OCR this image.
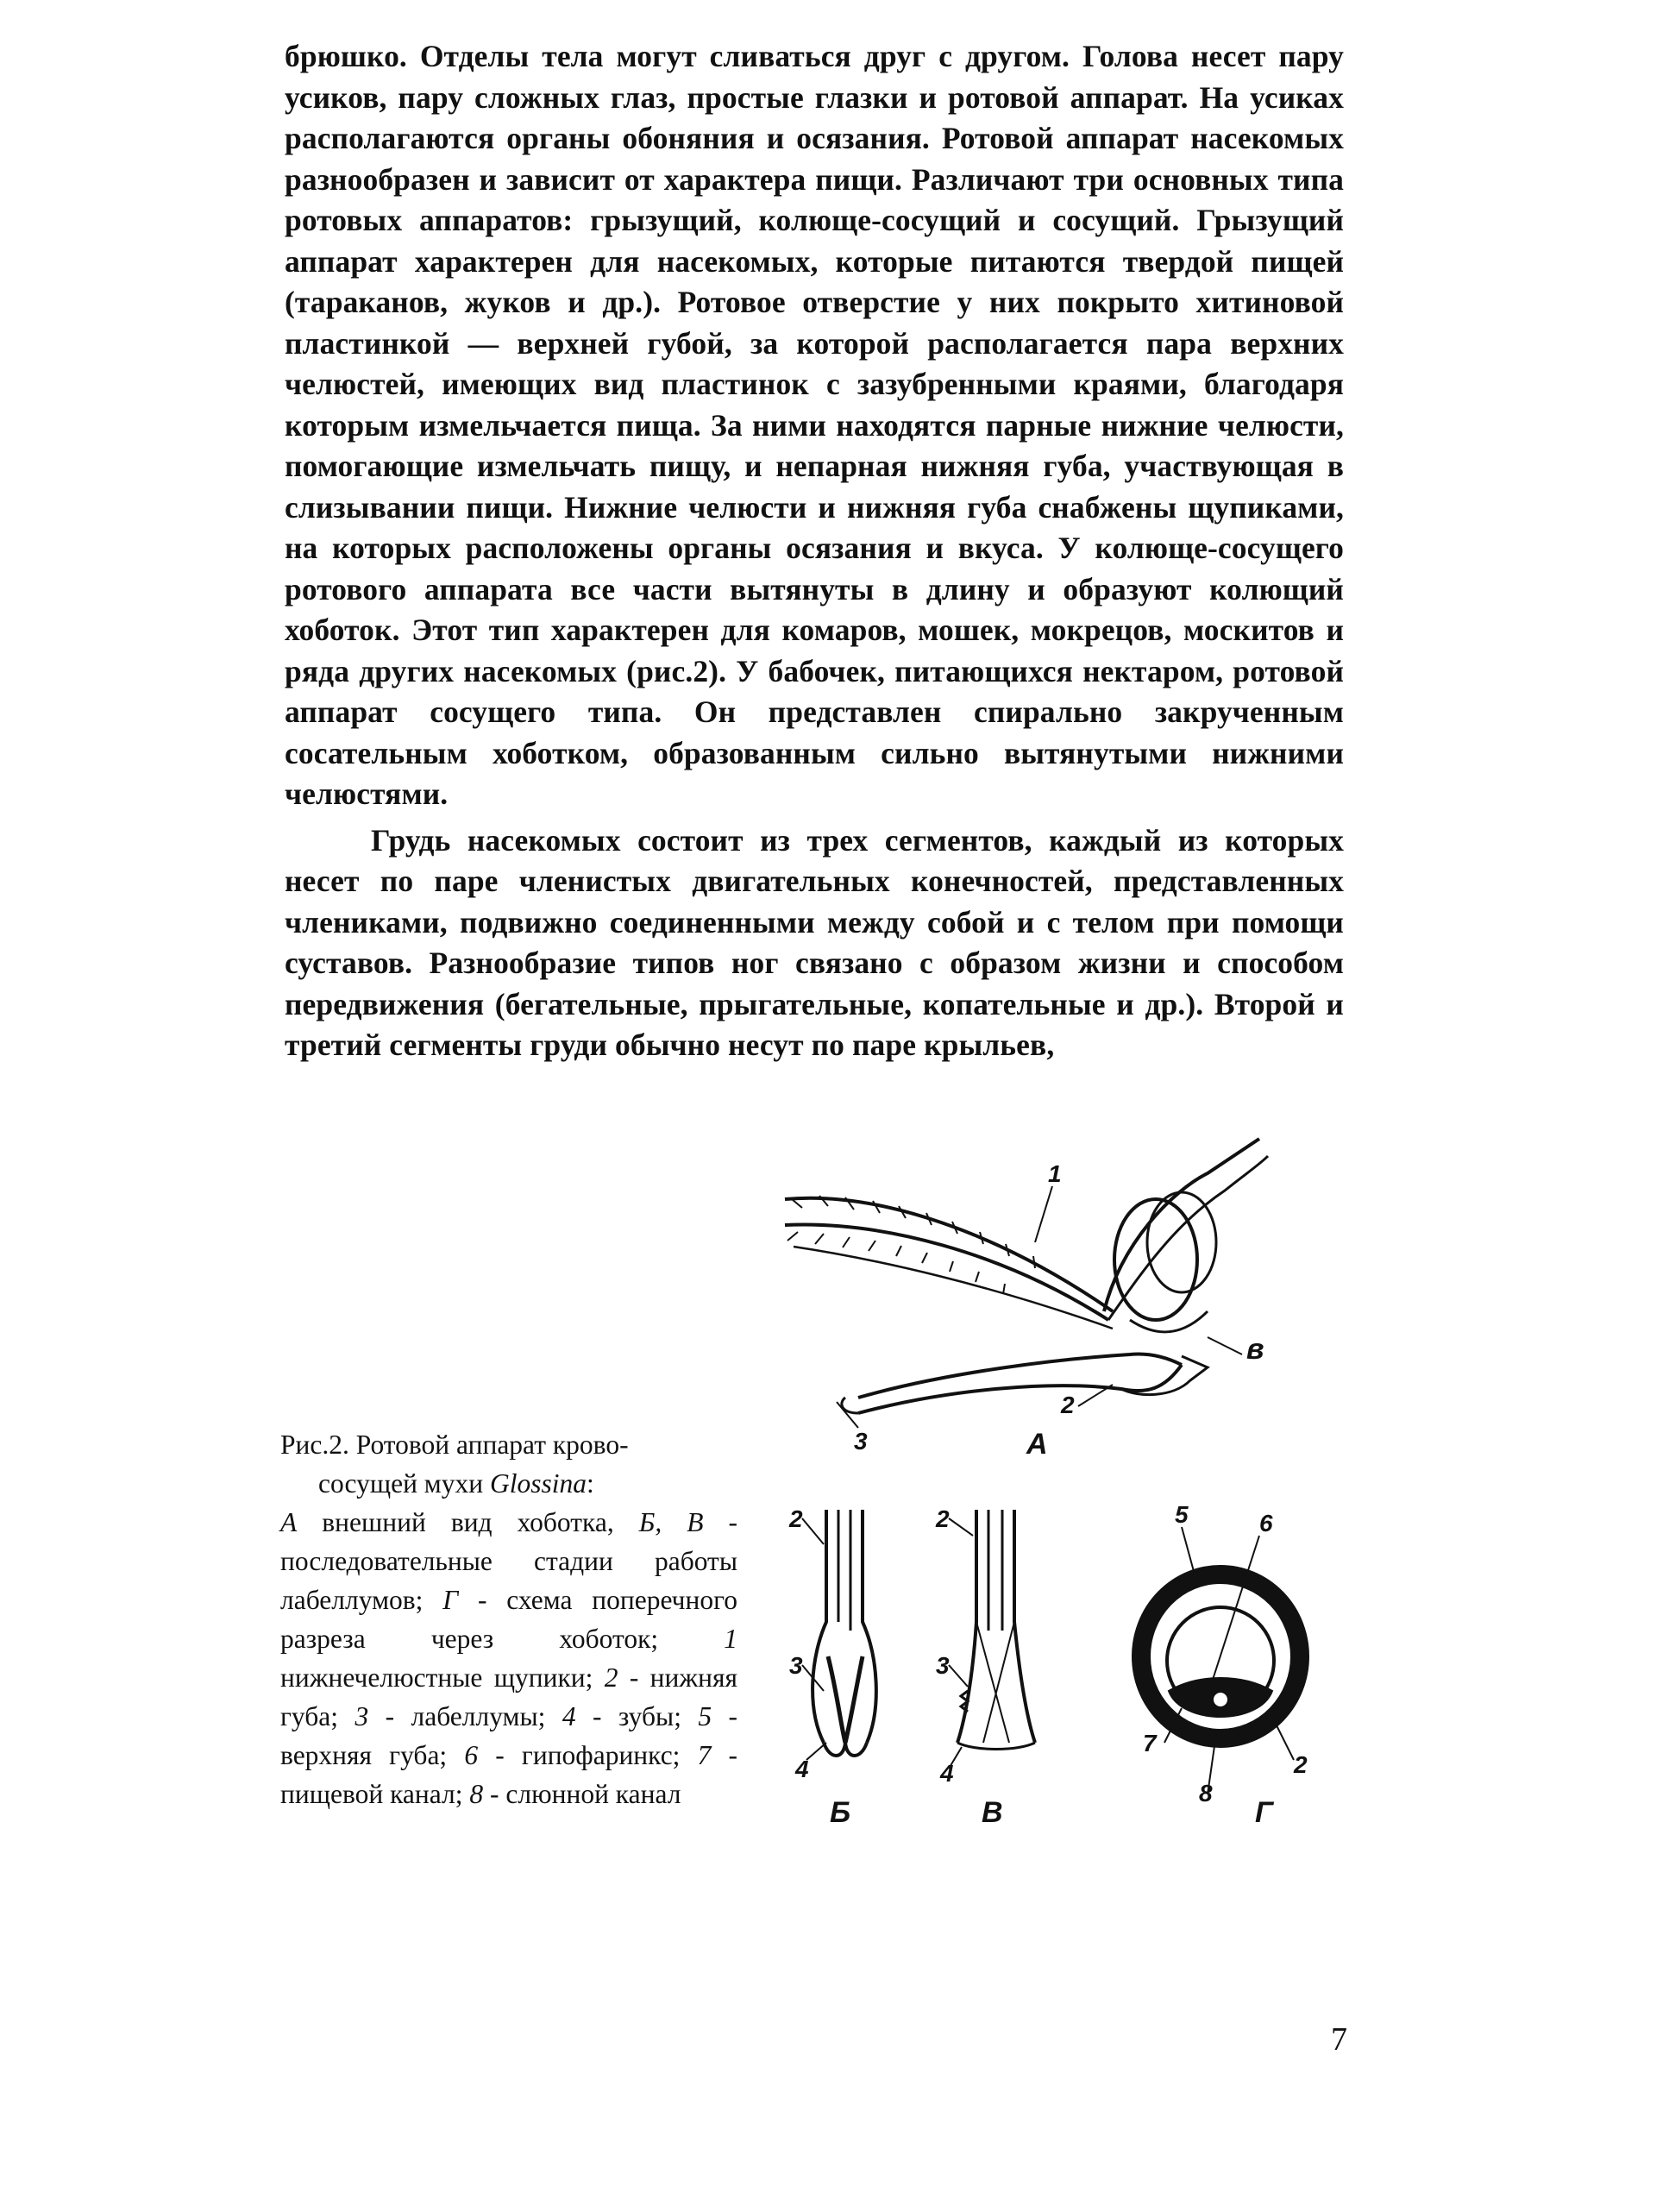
брюшко. Отделы тела могут сливаться друг с другом. Голова несет пару усиков, пару сложных глаз, простые глазки и ротовой аппарат. На усиках располагаются органы обоняния и осязания. Ротовой аппарат насекомых разнообразен и зависит от характера пищи. Различают три основных типа ротовых аппаратов: грызущий, колюще-сосущий и сосущий. Грызущий аппарат характерен для насекомых, которые питаются твердой пищей (тараканов, жуков и др.). Ротовое отверстие у них покрыто хитиновой пластинкой — верхней губой, за которой располагается пара верхних челюстей, имеющих вид пластинок с зазубренными краями, благодаря которым измельчается пища. За ними находятся парные нижние челюсти, помогающие измельчать пищу, и непарная нижняя губа, участвующая в слизывании пищи. Нижние челюсти и нижняя губа снабжены щупиками, на которых расположены органы осязания и вкуса. У колюще-сосущего ротового аппарата все части вытянуты в длину и образуют колющий хоботок. Этот тип характерен для комаров, мошек, мокрецов, москитов и ряда других насекомых (рис.2). У бабочек, питающихся нектаром, ротовой аппарат сосущего типа. Он представлен спирально закрученным сосательным хоботком, образованным сильно вытянутыми нижними челюстями.

Грудь насекомых состоит из трех сегментов, каждый из которых несет по паре членистых двигательных конечностей, представленных члениками, подвижно соединенными между собой и с телом при помощи суставов. Разнообразие типов ног связано с образом жизни и способом передвижения (бегательные, прыгательные, копательные и др.). Второй и третий сегменты груди обычно несут по паре крыльев,

1
3
2
в
А
2
3
4
Б
2
3
4
В
5	6
7
2
8
Г

Рис.2. Ротовой аппарат крово-

сосущей мухи Glossina:

А внешний вид хоботка, Б, В - последовательные стадии работы лабеллумов; Г - схема поперечного разреза через хоботок; 1 нижнечелюстные щупики; 2 - нижняя губа; 3 - лабеллумы; 4 - зубы; 5 - верхняя губа; 6 - гипофаринкс; 7 - пищевой канал; 8 - слюнной канал

7
